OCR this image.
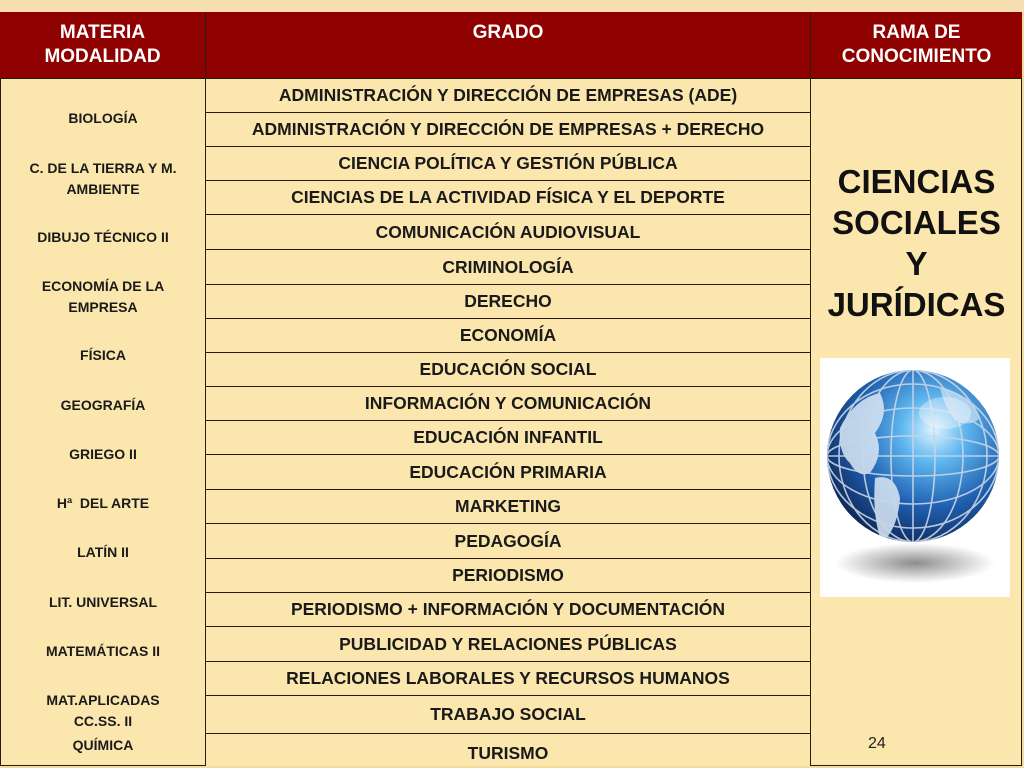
MATERIA
MODALIDAD
GRADO	RAMA DE
CONOCIMIENTO
BIOLOGÍA
C. DE LA TIERRA Y M. AMBIENTE
DIBUJO TÉCNICO II
ECONOMÍA DE LA EMPRESA
FÍSICA
GEOGRAFÍA
GRIEGO II
Hª  DEL ARTE
LATÍN II
LIT. UNIVERSAL
MATEMÁTICAS II
MAT.APLICADAS CC.SS. II
QUÍMICA
ADMINISTRACIÓN Y DIRECCIÓN DE EMPRESAS (ADE)
ADMINISTRACIÓN Y DIRECCIÓN DE EMPRESAS + DERECHO
CIENCIA POLÍTICA Y GESTIÓN PÚBLICA
CIENCIAS DE LA ACTIVIDAD FÍSICA Y EL DEPORTE
COMUNICACIÓN AUDIOVISUAL
CRIMINOLOGÍA
DERECHO
ECONOMÍA
EDUCACIÓN SOCIAL
INFORMACIÓN Y COMUNICACIÓN
EDUCACIÓN INFANTIL
EDUCACIÓN PRIMARIA
MARKETING
PEDAGOGÍA
PERIODISMO
PERIODISMO + INFORMACIÓN Y DOCUMENTACIÓN
PUBLICIDAD Y RELACIONES PÚBLICAS
RELACIONES LABORALES Y RECURSOS HUMANOS
TRABAJO SOCIAL
TURISMO
CIENCIAS
SOCIALES
Y
JURÍDICAS
24
